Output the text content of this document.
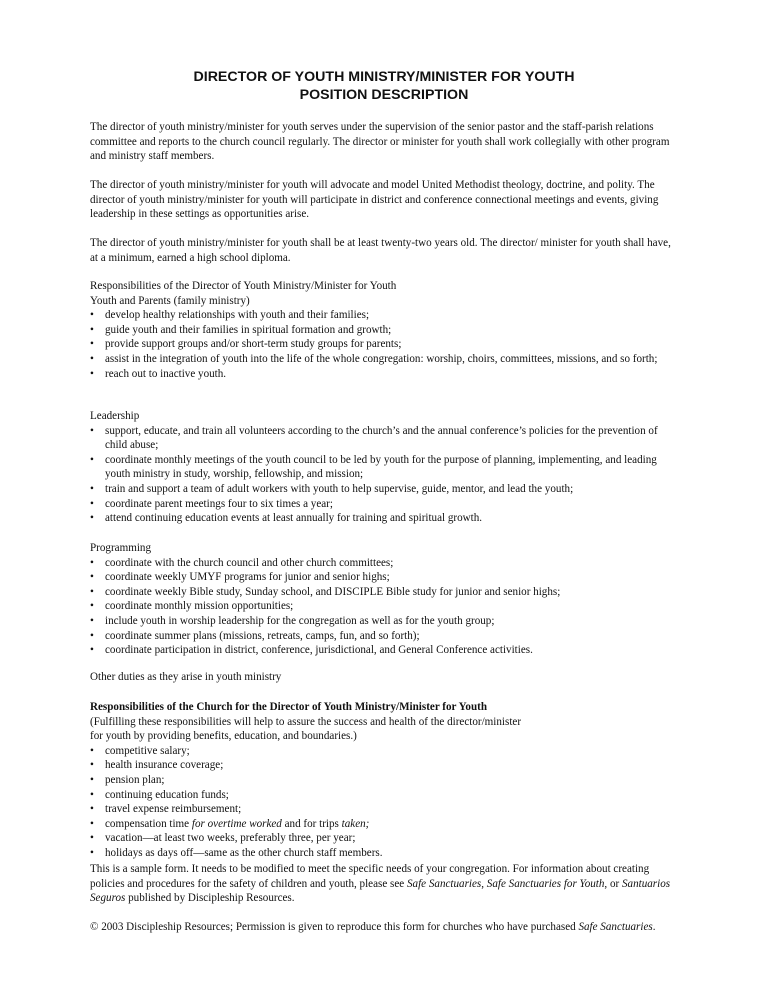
DIRECTOR OF YOUTH MINISTRY/MINISTER FOR YOUTH
POSITION DESCRIPTION

The director of youth ministry/minister for youth serves under the supervision of the senior pastor and the staff-parish relations committee and reports to the church council regularly. The director or minister for youth shall work collegially with other program and ministry staff members.

The director of youth ministry/minister for youth will advocate and model United Methodist theology, doctrine, and polity. The director of youth ministry/minister for youth will participate in district and conference connectional meetings and events, giving leadership in these settings as opportunities arise.

The director of youth ministry/minister for youth shall be at least twenty-two years old. The director/ minister for youth shall have, at a minimum, earned a high school diploma.

Responsibilities of the Director of Youth Ministry/Minister for Youth

Youth and Parents (family ministry)

• develop healthy relationships with youth and their families;
• guide youth and their families in spiritual formation and growth;
• provide support groups and/or short-term study groups for parents;
• assist in the integration of youth into the life of the whole congregation: worship, choirs, committees, missions, and so forth;
• reach out to inactive youth.

Leadership

• support, educate, and train all volunteers according to the church’s and the annual conference’s policies for the prevention of child abuse;
• coordinate monthly meetings of the youth council to be led by youth for the purpose of planning, implementing, and leading youth ministry in study, worship, fellowship, and mission;
• train and support a team of adult workers with youth to help supervise, guide, mentor, and lead the youth;
• coordinate parent meetings four to six times a year;
• attend continuing education events at least annually for training and spiritual growth.

Programming

• coordinate with the church council and other church committees;
• coordinate weekly UMYF programs for junior and senior highs;
• coordinate weekly Bible study, Sunday school, and DISCIPLE Bible study for junior and senior highs;
• coordinate monthly mission opportunities;
• include youth in worship leadership for the congregation as well as for the youth group;
• coordinate summer plans (missions, retreats, camps, fun, and so forth);
• coordinate participation in district, conference, jurisdictional, and General Conference activities.

Other duties as they arise in youth ministry

Responsibilities of the Church for the Director of Youth Ministry/Minister for Youth

(Fulfilling these responsibilities will help to assure the success and health of the director/minister

for youth by providing benefits, education, and boundaries.)

• competitive salary;
• health insurance coverage;
• pension plan;
• continuing education funds;
• travel expense reimbursement;
• compensation time for overtime worked and for trips taken;
• vacation—at least two weeks, preferably three, per year;
• holidays as days off—same as the other church staff members.

This is a sample form. It needs to be modified to meet the specific needs of your congregation. For information about creating policies and procedures for the safety of children and youth, please see Safe Sanctuaries, Safe Sanctuaries for Youth, or Santuarios Seguros published by Discipleship Resources.

© 2003 Discipleship Resources; Permission is given to reproduce this form for churches who have purchased Safe Sanctuaries.
